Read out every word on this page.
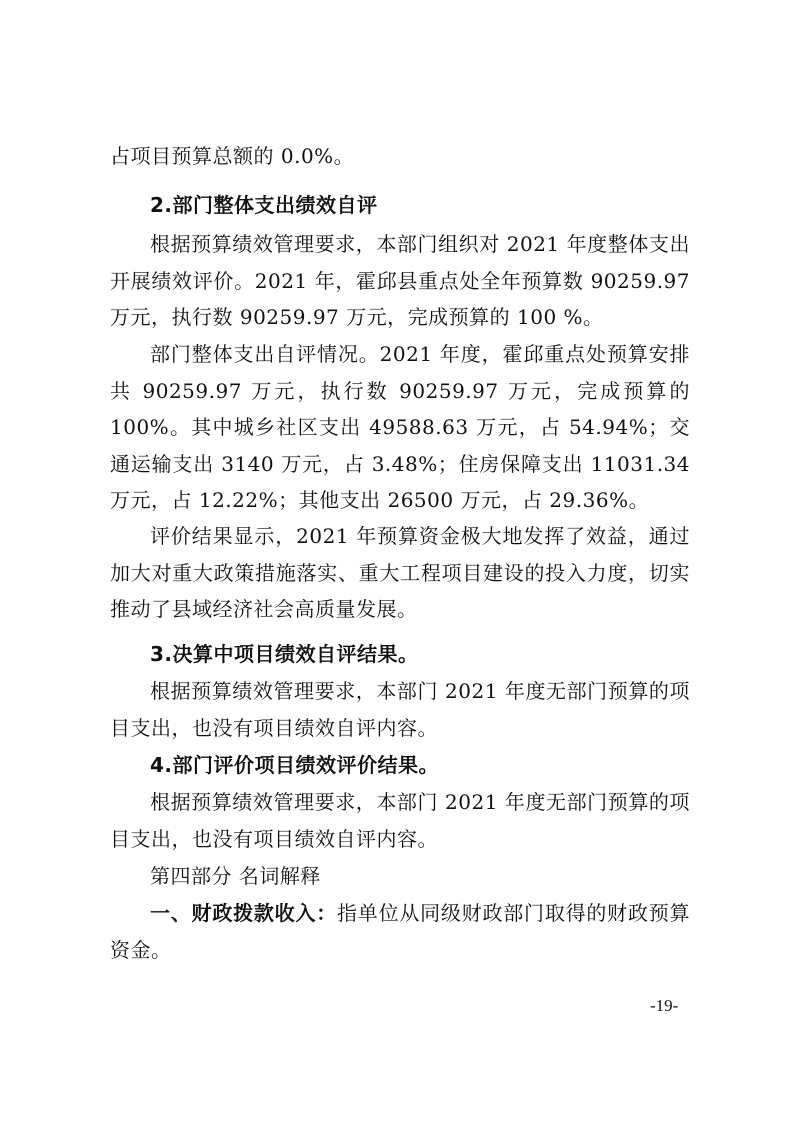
占项目预算总额的 0.0%。

2.部门整体支出绩效自评

根据预算绩效管理要求，本部门组织对 2021 年度整体支出开展绩效评价。2021 年，霍邱县重点处全年预算数 90259.97 万元，执行数 90259.97 万元，完成预算的 100 %。

部门整体支出自评情况。2021 年度，霍邱重点处预算安排共 90259.97 万元，执行数 90259.97 万元，完成预算的 100%。其中城乡社区支出 49588.63 万元，占 54.94%；交通运输支出 3140 万元，占 3.48%；住房保障支出 11031.34 万元，占 12.22%；其他支出 26500 万元，占 29.36%。

评价结果显示，2021 年预算资金极大地发挥了效益，通过加大对重大政策措施落实、重大工程项目建设的投入力度，切实推动了县域经济社会高质量发展。

3.决算中项目绩效自评结果。

根据预算绩效管理要求，本部门 2021 年度无部门预算的项目支出，也没有项目绩效自评内容。

4.部门评价项目绩效评价结果。

根据预算绩效管理要求，本部门 2021 年度无部门预算的项目支出，也没有项目绩效自评内容。

第四部分 名词解释

一、财政拨款收入：指单位从同级财政部门取得的财政预算资金。

-19-
